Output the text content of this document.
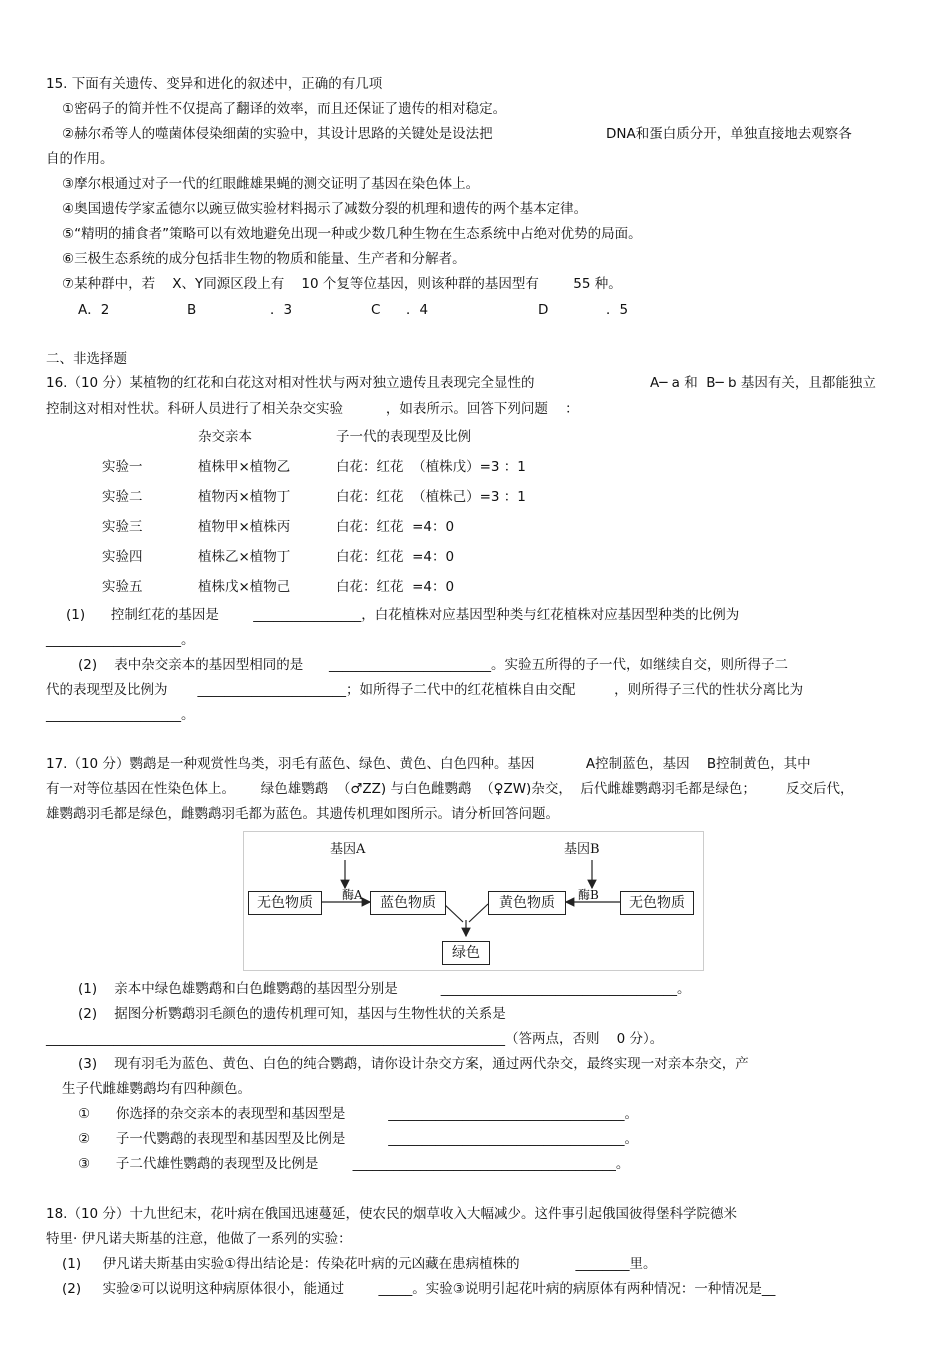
15. 下面有关遗传、变异和进化的叙述中，正确的有几项
①密码子的简并性不仅提高了翻译的效率，而且还保证了遗传的相对稳定。
②赫尔希等人的噬菌体侵染细菌的实验中，其设计思路的关键处是设法把	DNA和蛋白质分开，单独直接地去观察各
自的作用。
③摩尔根通过对子一代的红眼雌雄果蝇的测交证明了基因在染色体上。
④奥国遗传学家孟德尔以豌豆做实验材料揭示了减数分裂的机理和遗传的两个基本定律。
⑤“精明的捕食者”策略可以有效地避免出现一种或少数几种生物在生态系统中占绝对优势的局面。
⑥三极生态系统的成分包括非生物的物质和能量、生产者和分解者。
⑦某种群中，若    X、Y同源区段上有    10 个复等位基因，则该种群的基因型有        55 种。
A．2	B	．3	C ．4	D	．5
二、非选择题
16.（10 分）某植物的红花和白花这对相对性状与两对独立遗传且表现完全显性的	A─ a 和  B─ b 基因有关，且都能独立
控制这对相对性状。科研人员进行了相关杂交实验          ，如表所示。回答下列问题    ：
杂交亲本	子一代的表现型及比例
实验一	植株甲×植物乙	白花：红花  （植株戊）=3 ：1
实验二	植物丙×植物丁	白花：红花  （植株己）=3 ：1
实验三	植物甲×植株丙	白花：红花  =4：0
实验四	植株乙×植物丁	白花：红花  =4：0
实验五	植株戊×植物己	白花：红花  =4：0
(1)      控制红花的基因是        ________________，白花植株对应基因型种类与红花植株对应基因型种类的比例为
____________________。
(2)    表中杂交亲本的基因型相同的是      ________________________。实验五所得的子一代，如继续自交，则所得子二
代的表现型及比例为       ______________________；如所得子二代中的红花植株自由交配         ，则所得子三代的性状分离比为
____________________。
17.（10 分）鹦鹉是一种观赏性鸟类，羽毛有蓝色、绿色、黄色、白色四种。基因            A控制蓝色，基因    B控制黄色，其中
有一对等位基因在性染色体上。      绿色雄鹦鹉  （♂ZZ) 与白色雌鹦鹉  （♀ZW)杂交，  后代雌雄鹦鹉羽毛都是绿色；       反交后代，
雄鹦鹉羽毛都是绿色，雌鹦鹉羽毛都为蓝色。其遗传机理如图所示。请分析回答问题。
基因A	基因B
酶A	酶B
无色物质	蓝色物质	黄色物质	无色物质
绿色
(1)    亲本中绿色雄鹦鹉和白色雌鹦鹉的基因型分别是          ___________________________________。
(2)    据图分析鹦鹉羽毛颜色的遗传机理可知，基因与生物性状的关系是
____________________________________________________________________（答两点，否则    0 分）。
(3)    现有羽毛为蓝色、黄色、白色的纯合鹦鹉，请你设计杂交方案，通过两代杂交，最终实现一对亲本杂交，产
生子代雌雄鹦鹉均有四种颜色。
①      你选择的杂交亲本的表现型和基因型是          ___________________________________。
②      子一代鹦鹉的表现型和基因型及比例是          ___________________________________。
③      子二代雄性鹦鹉的表现型及比例是        _______________________________________。
18.（10 分）十九世纪末，花叶病在俄国迅速蔓延，使农民的烟草收入大幅减少。这件事引起俄国彼得堡科学院德米
特里· 伊凡诺夫斯基的注意，他做了一系列的实验：
(1)     伊凡诺夫斯基由实验①得出结论是：传染花叶病的元凶藏在患病植株的             ________里。
(2)     实验②可以说明这种病原体很小，能通过        _____。实验③说明引起花叶病的病原体有两种情况：一种情况是__
